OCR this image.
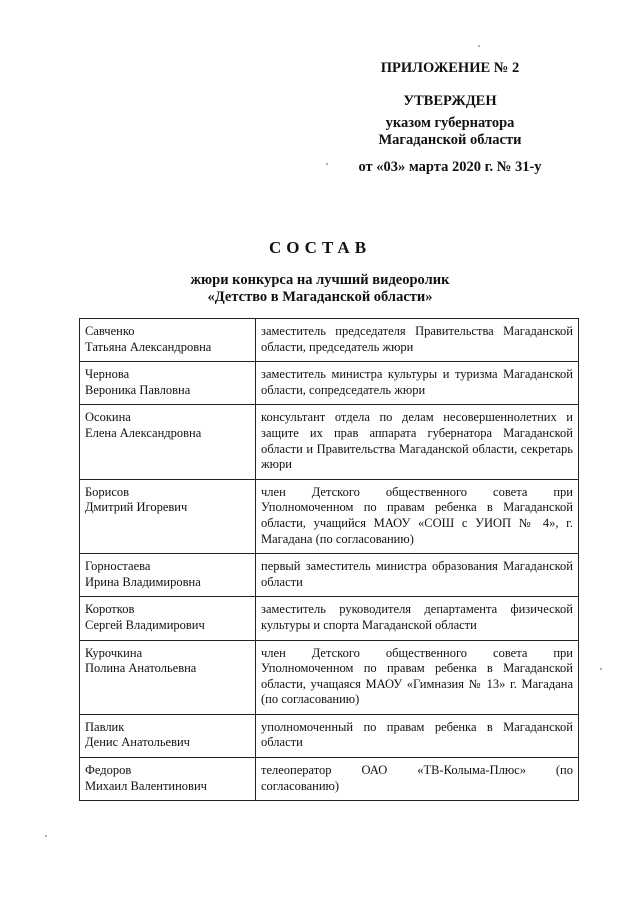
ПРИЛОЖЕНИЕ № 2
УТВЕРЖДЕН
указом губернатора
Магаданской области
от «03» марта 2020 г. № 31-у
СОСТАВ
жюри конкурса на лучший видеоролик
«Детство в Магаданской области»
Савченко
Татьяна Александровна	заместитель председателя Правительства Магаданской области, председатель жюри

Чернова
Вероника Павловна	заместитель министра культуры и туризма Магаданской области, сопредседатель жюри

Осокина
Елена Александровна	консультант отдела по делам несовершеннолетних и защите их прав аппарата губернатора Магаданской области и Правительства Магаданской области, секретарь жюри

Борисов
Дмитрий Игоревич	член Детского общественного совета при Уполномоченном по правам ребенка в Магаданской области, учащийся МАОУ «СОШ с УИОП № 4», г. Магадана (по согласованию)

Горностаева
Ирина Владимировна	первый заместитель министра образования Магаданской области

Коротков
Сергей Владимирович	заместитель руководителя департамента физической культуры и спорта Магаданской области

Курочкина
Полина Анатольевна	член Детского общественного совета при Уполномоченном по правам ребенка в Магаданской области, учащаяся МАОУ «Гимназия № 13» г. Магадана (по согласованию)

Павлик
Денис Анатольевич	уполномоченный по правам ребенка в Магаданской области

Федоров
Михаил Валентинович	телеоператор ОАО «ТВ-Колыма-Плюс» (по согласованию)
